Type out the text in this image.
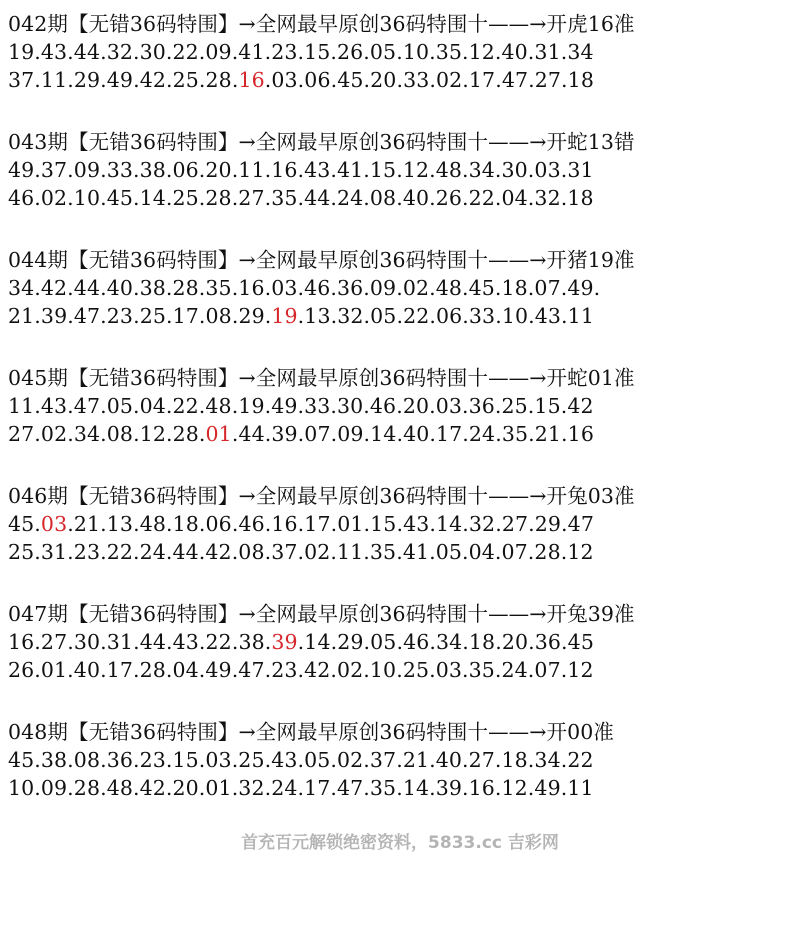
042期【无错36码特围】→全网最早原创36码特围十——→开虎16准
19.43.44.32.30.22.09.41.23.15.26.05.10.35.12.40.31.34
37.11.29.49.42.25.28.16.03.06.45.20.33.02.17.47.27.18
043期【无错36码特围】→全网最早原创36码特围十——→开蛇13错
49.37.09.33.38.06.20.11.16.43.41.15.12.48.34.30.03.31
46.02.10.45.14.25.28.27.35.44.24.08.40.26.22.04.32.18
044期【无错36码特围】→全网最早原创36码特围十——→开猪19准
34.42.44.40.38.28.35.16.03.46.36.09.02.48.45.18.07.49.
21.39.47.23.25.17.08.29.19.13.32.05.22.06.33.10.43.11
045期【无错36码特围】→全网最早原创36码特围十——→开蛇01准
11.43.47.05.04.22.48.19.49.33.30.46.20.03.36.25.15.42
27.02.34.08.12.28.01.44.39.07.09.14.40.17.24.35.21.16
046期【无错36码特围】→全网最早原创36码特围十——→开兔03准
45.03.21.13.48.18.06.46.16.17.01.15.43.14.32.27.29.47
25.31.23.22.24.44.42.08.37.02.11.35.41.05.04.07.28.12
047期【无错36码特围】→全网最早原创36码特围十——→开兔39准
16.27.30.31.44.43.22.38.39.14.29.05.46.34.18.20.36.45
26.01.40.17.28.04.49.47.23.42.02.10.25.03.35.24.07.12
048期【无错36码特围】→全网最早原创36码特围十——→开00准
45.38.08.36.23.15.03.25.43.05.02.37.21.40.27.18.34.22
10.09.28.48.42.20.01.32.24.17.47.35.14.39.16.12.49.11
首充百元解锁绝密资料，5833.cc 吉彩网
